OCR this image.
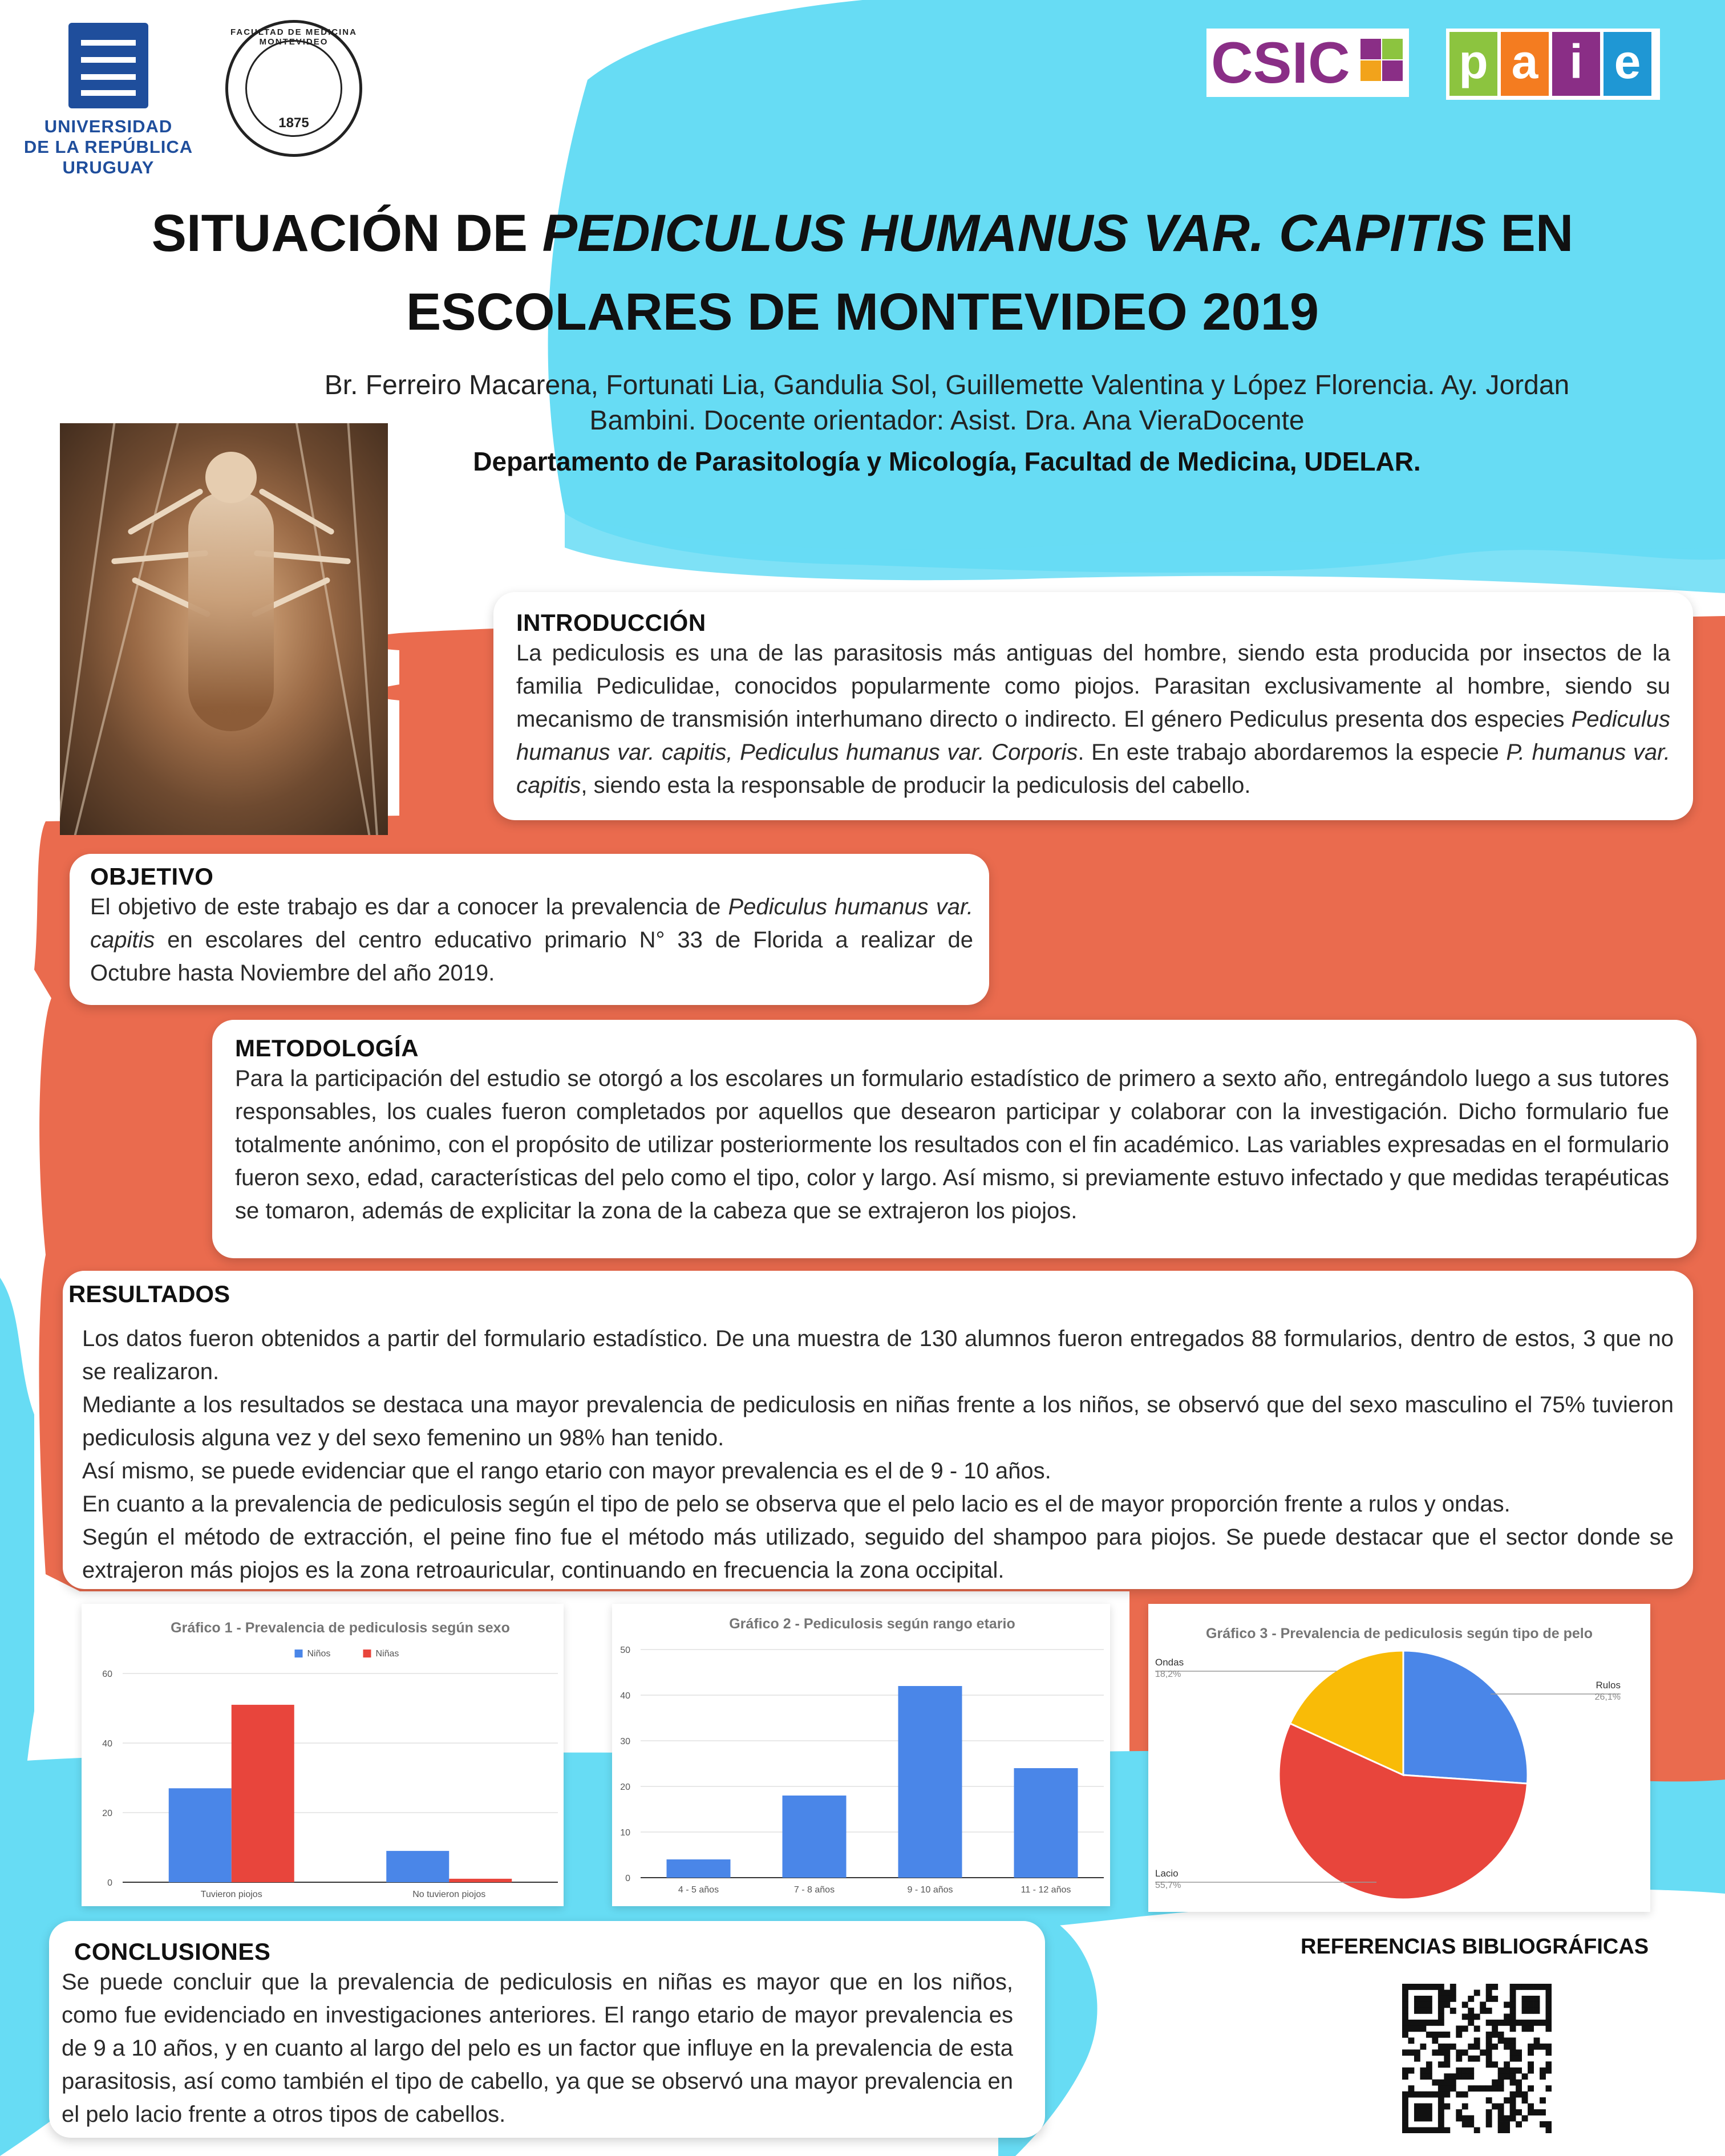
UNIVERSIDAD
DE LA REPÚBLICA
URUGUAY
FACULTAD DE MEDICINA MONTEVIDEO
1875
CSIC p a i e
SITUACIÓN DE PEDICULUS HUMANUS VAR. CAPITIS EN ESCOLARES DE MONTEVIDEO 2019
Br. Ferreiro Macarena, Fortunati Lia, Gandulia Sol, Guillemette Valentina y López Florencia. Ay. Jordan Bambini. Docente orientador: Asist. Dra. Ana VieraDocente
Departamento de Parasitología y Micología, Facultad de Medicina, UDELAR.
INTRODUCCIÓN

La pediculosis es una de las parasitosis más antiguas del hombre, siendo esta producida por insectos de la familia Pediculidae, conocidos popularmente como piojos. Parasitan exclusivamente al hombre, siendo su mecanismo de transmisión interhumano directo o indirecto. El género Pediculus presenta dos especies Pediculus humanus var. capitis, Pediculus humanus var. Corporis. En este trabajo abordaremos la especie P. humanus var. capitis, siendo esta la responsable de producir la pediculosis del cabello.

OBJETIVO

El objetivo de este trabajo es dar a conocer la prevalencia de Pediculus humanus var. capitis en escolares del centro educativo primario N° 33 de Florida a realizar de Octubre hasta Noviembre del año 2019.

METODOLOGÍA

Para la participación del estudio se otorgó a los escolares un formulario estadístico de primero a sexto año, entregándolo luego a sus tutores responsables, los cuales fueron completados por aquellos que desearon participar y colaborar con la investigación. Dicho formulario fue totalmente anónimo, con el propósito de utilizar posteriormente los resultados con el fin académico. Las variables expresadas en el formulario fueron sexo, edad, características del pelo como el tipo, color y largo. Así mismo, si previamente estuvo infectado y que medidas terapéuticas se tomaron, además de explicitar la zona de la cabeza que se extrajeron los piojos.

Los datos fueron obtenidos a partir del formulario estadístico. De una muestra de 130 alumnos fueron entregados 88 formularios, dentro de estos, 3 que no se realizaron.

Mediante a los resultados se destaca una mayor prevalencia de pediculosis en niñas frente a los niños, se observó que del sexo masculino el 75% tuvieron pediculosis alguna vez y del sexo femenino un 98% han tenido.

Así mismo, se puede evidenciar que el rango etario con mayor prevalencia es el de 9 - 10 años.

En cuanto a la prevalencia de pediculosis según el tipo de pelo se observa que el pelo lacio es el de mayor proporción frente a rulos y ondas.

Según el método de extracción, el peine fino fue el método más utilizado, seguido del shampoo para piojos. Se puede destacar que el sector donde se extrajeron más piojos es la zona retroauricular, continuando en frecuencia la zona occipital.

RESULTADOS
Gráfico 1 - Prevalencia de pediculosis según sexo
0
20
40
60
Tuvieron piojos	No tuvieron piojos
Niños	Niñas
Gráfico 2 - Pediculosis según rango etario
0
10
20
30
40
50
4 - 5 años	7 - 8 años	9 - 10 años	11 - 12 años
Gráfico 3 - Prevalencia de pediculosis según tipo de pelo
Rulos
26,1%
Ondas
18,2%
Lacio
55,7%
CONCLUSIONES

Se puede concluir que la prevalencia de pediculosis en niñas es mayor que en los niños, como fue evidenciado en investigaciones anteriores. El rango etario de mayor prevalencia es de 9 a 10 años, y en cuanto al largo del pelo es un factor que influye en la prevalencia de esta parasitosis, así como también el tipo de cabello, ya que se observó una mayor prevalencia en el pelo lacio frente a otros tipos de cabellos.

REFERENCIAS BIBLIOGRÁFICAS
